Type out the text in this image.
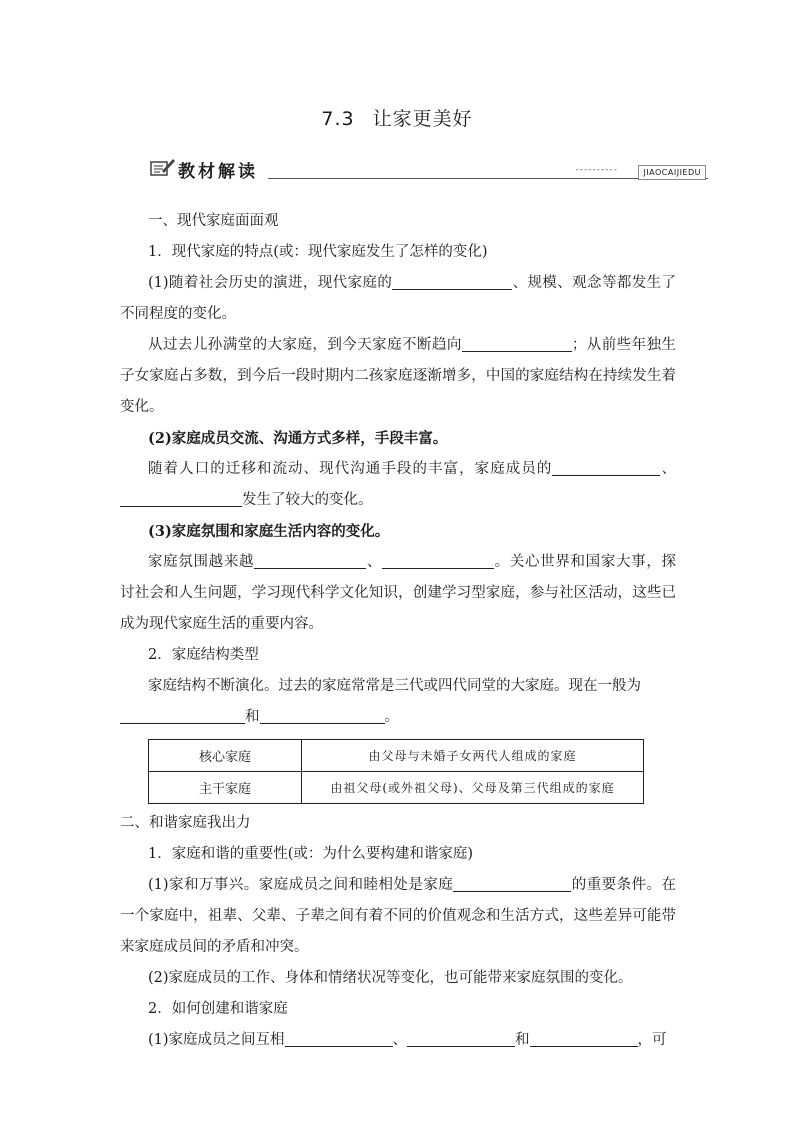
7.3 让家更美好
教材解读	----------	JIAOCAIJIEDU

一、现代家庭面面观

1．现代家庭的特点(或：现代家庭发生了怎样的变化)

(1)随着社会历史的演进，现代家庭的	、规模、观念等都发生了不同程度的变化。

从过去儿孙满堂的大家庭，到今天家庭不断趋向	；从前些年独生子女家庭占多数，到今后一段时期内二孩家庭逐渐增多，中国的家庭结构在持续发生着变化。

(2)家庭成员交流、沟通方式多样，手段丰富。

随着人口的迁移和流动、现代沟通手段的丰富，家庭成员的	、发生了较大的变化。

(3)家庭氛围和家庭生活内容的变化。

家庭氛围越来越	、	。关心世界和国家大事，探讨社会和人生问题，学习现代科学文化知识，创建学习型家庭，参与社区活动，这些已成为现代家庭生活的重要内容。

2．家庭结构类型

家庭结构不断演化。过去的家庭常常是三代或四代同堂的大家庭。现在一般为

和	。

核心家庭	由父母与未婚子女两代人组成的家庭
主干家庭	由祖父母(或外祖父母)、父母及第三代组成的家庭

二、和谐家庭我出力

1．家庭和谐的重要性(或：为什么要构建和谐家庭)

(1)家和万事兴。家庭成员之间和睦相处是家庭	的重要条件。在一个家庭中，祖辈、父辈、子辈之间有着不同的价值观念和生活方式，这些差异可能带来家庭成员间的矛盾和冲突。

(2)家庭成员的工作、身体和情绪状况等变化，也可能带来家庭氛围的变化。

2．如何创建和谐家庭

(1)家庭成员之间互相	、	和	，可
